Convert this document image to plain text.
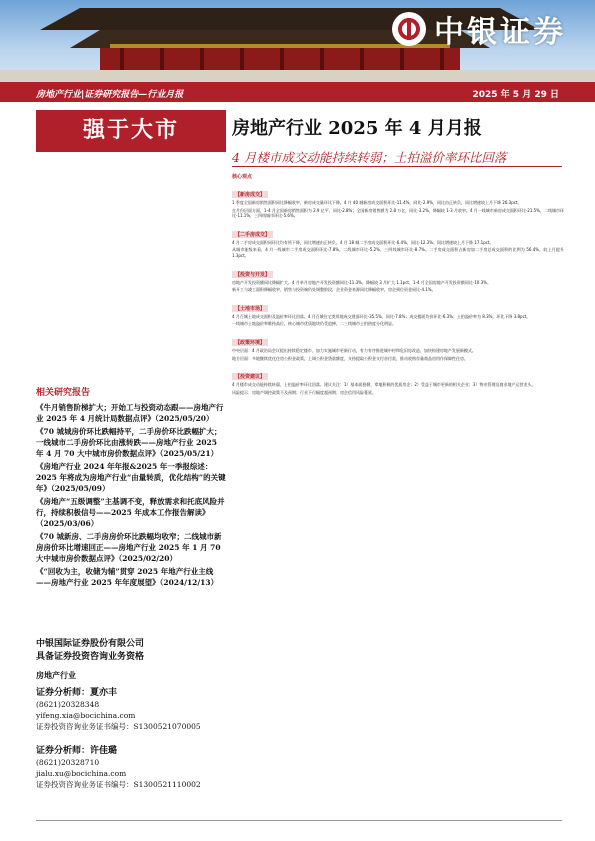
中银证券
房地产行业|证券研究报告—行业月报	2025 年 5 月 29 日
强于大市	房地产行业 2025 年 4 月月报
4 月楼市成交动能持续转弱；土拍溢价率环比回落
核心观点
【新房成交】

1 季度全国新房销售面积同比降幅收窄，新房成交量环比下降。4 月 40 城新房成交面积环比-11.4%，同比-2.9%，同比由正转负，同比增速较上月下降 26.3pct。

在月份层面方面，1-4 月全国新房销售面积为 2.9 亿平，同比-2.8%；全国新房销售额为 2.8 万亿，同比-3.2%，降幅较 1-3 月收窄。4 月一线城市新房成交面积环比-21.5%，二线城市环比-11.1%，三四线城市环比-5.6%。

【二手房成交】

4 月二手房成交面积同环比均有所下降，同比增速由正转负。4 月 18 城二手房成交面积环比-6.4%，同比-12.3%；同比增速较上月下降 17.1pct。

从城市能级来看，4 月一线城市二手房成交面积环比-7.8%，二线城市环比-5.2%，三四线城市环比-8.7%。二手房成交面积占新房加二手房总成交面积的比例为 56.4%，较上月提升 1.3pct。

【投资与开发】

房地产开发投资额同比降幅扩大。4 月单月房地产开发投资额同比-11.3%，降幅较 3 月扩大 1.1pct。1-4 月全国房地产开发投资额同比-10.3%。

新开工与竣工面积降幅收窄，销售与投资端仍处调整阶段，企业资金来源同比降幅收窄，房企到位资金同比-4.1%。

【土地市场】

4 月百城土地成交面积及溢价率环比回落。4 月百城住宅类用地成交建面环比-35.5%，同比-7.8%；成交楼面均价环比-6.3%；土拍溢价率为 8.3%，环比下降 3.8pct。

一线城市土地溢价率维持高位，核心城市优质地块仍受追捧，二三线城市土拍热度分化明显。

【政策环境】

中央层面：4 月政治局会议提出持续稳定楼市，加力实施城市更新行动，有力有序推进城中村和危旧房改造，加快构建房地产发展新模式。

地方层面：多地继续优化住房公积金政策，上调公积金贷款额度，支持提取公积金支付首付款，推动收购存量商品房用作保障性住房。

【投资建议】

4 月楼市成交动能持续转弱，土拍溢价率环比回落。建议关注：1）基本面稳健、拿地积极的优质房企；2）受益于城市更新的相关企业；3）物业管理及商业地产运营龙头。

风险提示：房地产调控政策不及预期；行业下行幅度超预期；房企信用风险蔓延。

相关研究报告
《牛月销售阶梯扩大；开始工与投资动态跟——房地产行业 2025 年 4 月统计局数据点评》（2025/05/20）
《70 城城房价环比跌幅持平，二手房价环比跌幅扩大；一线城市二手房价环比由涨转跌——房地产行业 2025 年 4 月 70 大中城市房价数据点评》（2025/05/21）
《房地产行业 2024 年年报&2025 年一季报综述：2025 年将成为房地产行业“由量转质，优化结构”的关键年》（2025/05/09）
《房地产“五级调整”主基调不变，释放需求和托底风险并行，持续积极信号——2025 年成本工作报告解读》（2025/03/06）
《70 城新房、二手房房价环比跌幅均收窄；二线城市新房房价环比增速回正——房地产行业 2025 年 1 月 70 大中城市房价数据点评》（2025/02/20）
《“回收为主，收储为辅”贯穿 2025 年地产行业主线——房地产行业 2025 年年度展望》（2024/12/13）
中银国际证券股份有限公司
具备证券投资咨询业务资格
房地产行业
证券分析师：夏亦丰
(8621)20328348
yifeng.xia@bocichina.com
证券投资咨询业务证书编号：S1300521070005
证券分析师：许佳璐
(8621)20328710
jialu.xu@bocichina.com
证券投资咨询业务证书编号：S1300521110002
